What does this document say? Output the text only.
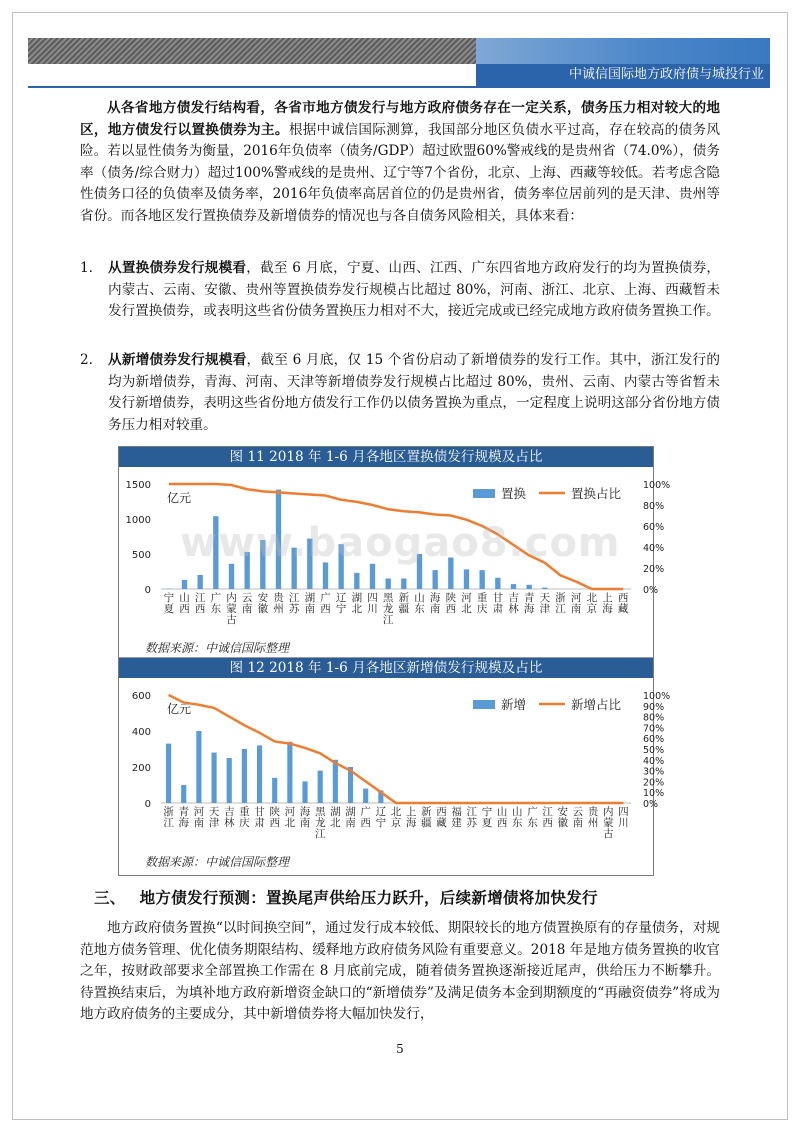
中诚信国际地方政府债与城投行业
从各省地方债发行结构看，各省市地方债发行与地方政府债务存在一定关系，债务压力相对较大的地区，地方债发行以置换债券为主。根据中诚信国际测算，我国部分地区负债水平过高，存在较高的债务风险。若以显性债务为衡量，2016年负债率（债务/GDP）超过欧盟60%警戒线的是贵州省（74.0%），债务率（债务/综合财力）超过100%警戒线的是贵州、辽宁等7个省份，北京、上海、西藏等较低。若考虑含隐性债务口径的负债率及债务率，2016年负债率高居首位的仍是贵州省，债务率位居前列的是天津、贵州等省份。而各地区发行置换债券及新增债券的情况也与各自债务风险相关，具体来看：
1. 从置换债券发行规模看，截至 6 月底，宁夏、山西、江西、广东四省地方政府发行的均为置换债券，内蒙古、云南、安徽、贵州等置换债券发行规模占比超过 80%，河南、浙江、北京、上海、西藏暂未发行置换债券，或表明这些省份债务置换压力相对不大，接近完成或已经完成地方政府债务置换工作。
2. 从新增债券发行规模看，截至 6 月底，仅 15 个省份启动了新增债券的发行工作。其中，浙江发行的均为新增债券，青海、河南、天津等新增债券发行规模占比超过 80%，贵州、云南、内蒙古等省暂未发行新增债券，表明这些省份地方债发行工作仍以债务置换为重点，一定程度上说明这部分省份地方债务压力相对较重。
图 11 2018 年 1-6 月各地区置换债发行规模及占比
0
500
1000
1500
0%
20%
40%
60%
80%
100%
亿元
宁夏
山西
江西
广东
内蒙古
云南
安徽
贵州
江苏
湖南
广西
辽宁
湖北
四川
黑龙江
新疆
山东
海南
陕西
河北
重庆
甘肃
吉林
青海
天津
浙江
河南
北京
上海
西藏
置换	置换占比
数据来源：中诚信国际整理
图 12 2018 年 1-6 月各地区新增债发行规模及占比
0
200
400
600
0%
10%
20%
30%
40%
50%
60%
70%
80%
90%
100%
亿元
浙江
青海
河南
天津
吉林
重庆
甘肃
陕西
河北
海南
黑龙江
湖北
湖南
广西
辽宁
北京
上海
新疆
西藏
福建
江苏
宁夏
山西
山东
广东
江西
安徽
云南
贵州
内蒙古
四川
新增	新增占比
数据来源：中诚信国际整理
www.baogao8.com
三、 地方债发行预测：置换尾声供给压力跃升，后续新增债将加快发行
地方政府债务置换“以时间换空间”，通过发行成本较低、期限较长的地方债置换原有的存量债务，对规范地方债务管理、优化债务期限结构、缓释地方政府债务风险有重要意义。2018 年是地方债务置换的收官之年，按财政部要求全部置换工作需在 8 月底前完成，随着债务置换逐渐接近尾声，供给压力不断攀升。待置换结束后，为填补地方政府新增资金缺口的“新增债券”及满足债务本金到期额度的“再融资债券”将成为地方政府债务的主要成分，其中新增债券将大幅加快发行，
5
